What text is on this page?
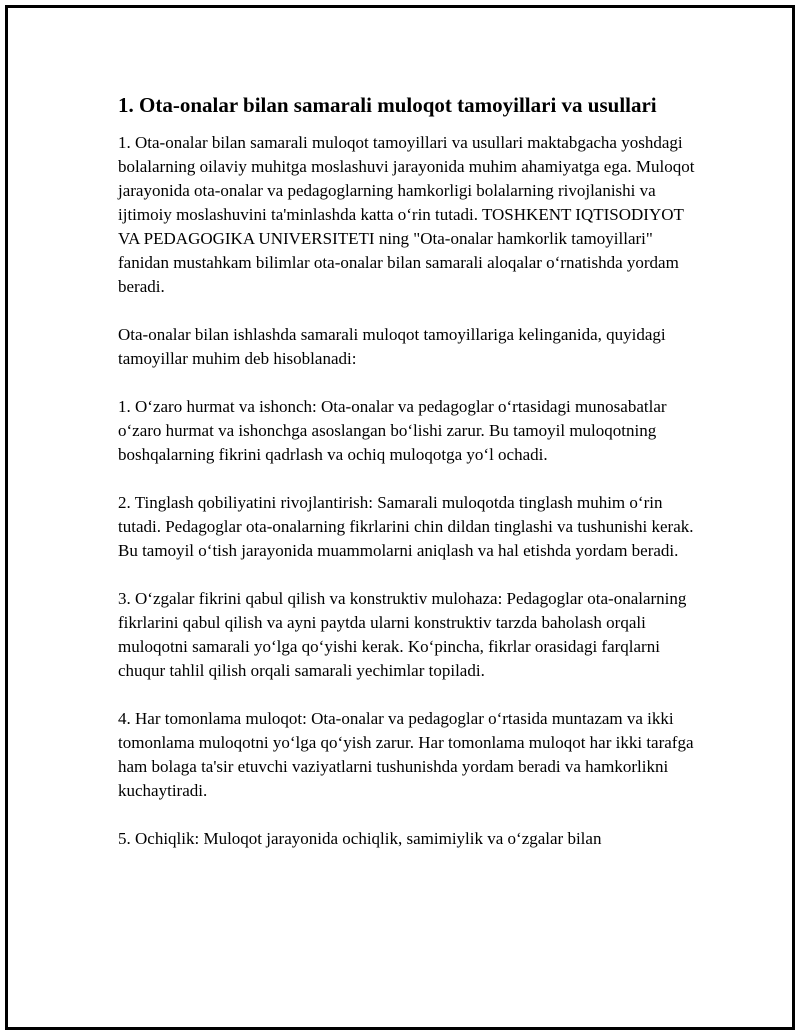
1. Ota-onalar bilan samarali muloqot tamoyillari va usullari

1. Ota-onalar bilan samarali muloqot tamoyillari va usullari maktabgacha yoshdagi bolalarning oilaviy muhitga moslashuvi jarayonida muhim ahamiyatga ega. Muloqot jarayonida ota-onalar va pedagoglarning hamkorligi bolalarning rivojlanishi va ijtimoiy moslashuvini ta'minlashda katta o‘rin tutadi. TOSHKENT IQTISODIYOT VA PEDAGOGIKA UNIVERSITETI ning "Ota-onalar hamkorlik tamoyillari" fanidan mustahkam bilimlar ota-onalar bilan samarali aloqalar o‘rnatishda yordam beradi.

Ota-onalar bilan ishlashda samarali muloqot tamoyillariga kelinganida, quyidagi tamoyillar muhim deb hisoblanadi:

1. O‘zaro hurmat va ishonch: Ota-onalar va pedagoglar o‘rtasidagi munosabatlar o‘zaro hurmat va ishonchga asoslangan bo‘lishi zarur. Bu tamoyil muloqotning boshqalarning fikrini qadrlash va ochiq muloqotga yo‘l ochadi.

2. Tinglash qobiliyatini rivojlantirish: Samarali muloqotda tinglash muhim o‘rin tutadi. Pedagoglar ota-onalarning fikrlarini chin dildan tinglashi va tushunishi kerak. Bu tamoyil o‘tish jarayonida muammolarni aniqlash va hal etishda yordam beradi.

3. O‘zgalar fikrini qabul qilish va konstruktiv mulohaza: Pedagoglar ota-onalarning fikrlarini qabul qilish va ayni paytda ularni konstruktiv tarzda baholash orqali muloqotni samarali yo‘lga qo‘yishi kerak. Ko‘pincha, fikrlar orasidagi farqlarni chuqur tahlil qilish orqali samarali yechimlar topiladi.

4. Har tomonlama muloqot: Ota-onalar va pedagoglar o‘rtasida muntazam va ikki tomonlama muloqotni yo‘lga qo‘yish zarur. Har tomonlama muloqot har ikki tarafga ham bolaga ta'sir etuvchi vaziyatlarni tushunishda yordam beradi va hamkorlikni kuchaytiradi.

5. Ochiqlik: Muloqot jarayonida ochiqlik, samimiylik va o‘zgalar bilan
